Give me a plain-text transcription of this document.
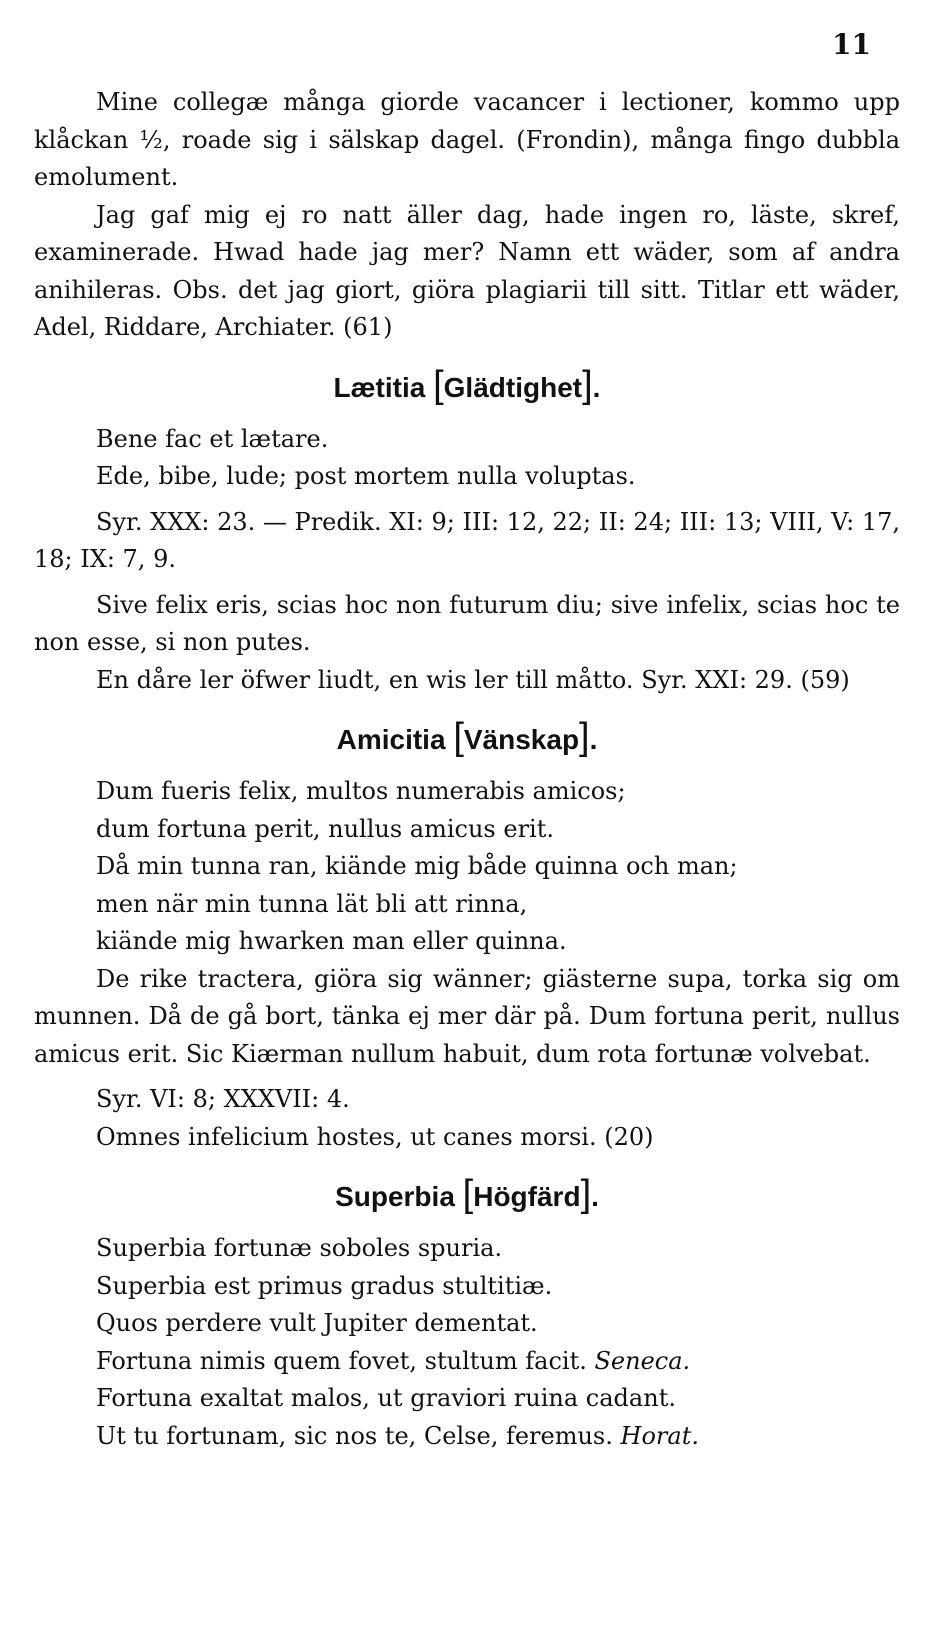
11

Mine collegæ många giorde vacancer i lectioner, kommo upp klåckan ½, roade sig i sälskap dagel. (Frondin), många fingo dubbla emolument.

Jag gaf mig ej ro natt äller dag, hade ingen ro, läste, skref, examinerade. Hwad hade jag mer? Namn ett wäder, som af andra anihileras. Obs. det jag giort, giöra plagiarii till sitt. Titlar ett wäder, Adel, Riddare, Archiater. (61)

Lætitia [Glädtighet].

Bene fac et lætare.

Ede, bibe, lude; post mortem nulla voluptas.

Syr. XXX: 23. — Predik. XI: 9; III: 12, 22; II: 24; III: 13; VIII, V: 17, 18; IX: 7, 9.

Sive felix eris, scias hoc non futurum diu; sive infelix, scias hoc te non esse, si non putes.

En dåre ler öfwer liudt, en wis ler till måtto. Syr. XXI: 29. (59)

Amicitia [Vänskap].

Dum fueris felix, multos numerabis amicos;

dum fortuna perit, nullus amicus erit.

Då min tunna ran, kiände mig både quinna och man;

men när min tunna lät bli att rinna,

kiände mig hwarken man eller quinna.

De rike tractera, giöra sig wänner; giästerne supa, torka sig om munnen. Då de gå bort, tänka ej mer där på. Dum fortuna perit, nullus amicus erit. Sic Kiærman nullum habuit, dum rota fortunæ volvebat.

Syr. VI: 8; XXXVII: 4.

Omnes infelicium hostes, ut canes morsi. (20)

Superbia [Högfärd].

Superbia fortunæ soboles spuria.

Superbia est primus gradus stultitiæ.

Quos perdere vult Jupiter dementat.

Fortuna nimis quem fovet, stultum facit. Seneca.

Fortuna exaltat malos, ut graviori ruina cadant.

Ut tu fortunam, sic nos te, Celse, feremus. Horat.
